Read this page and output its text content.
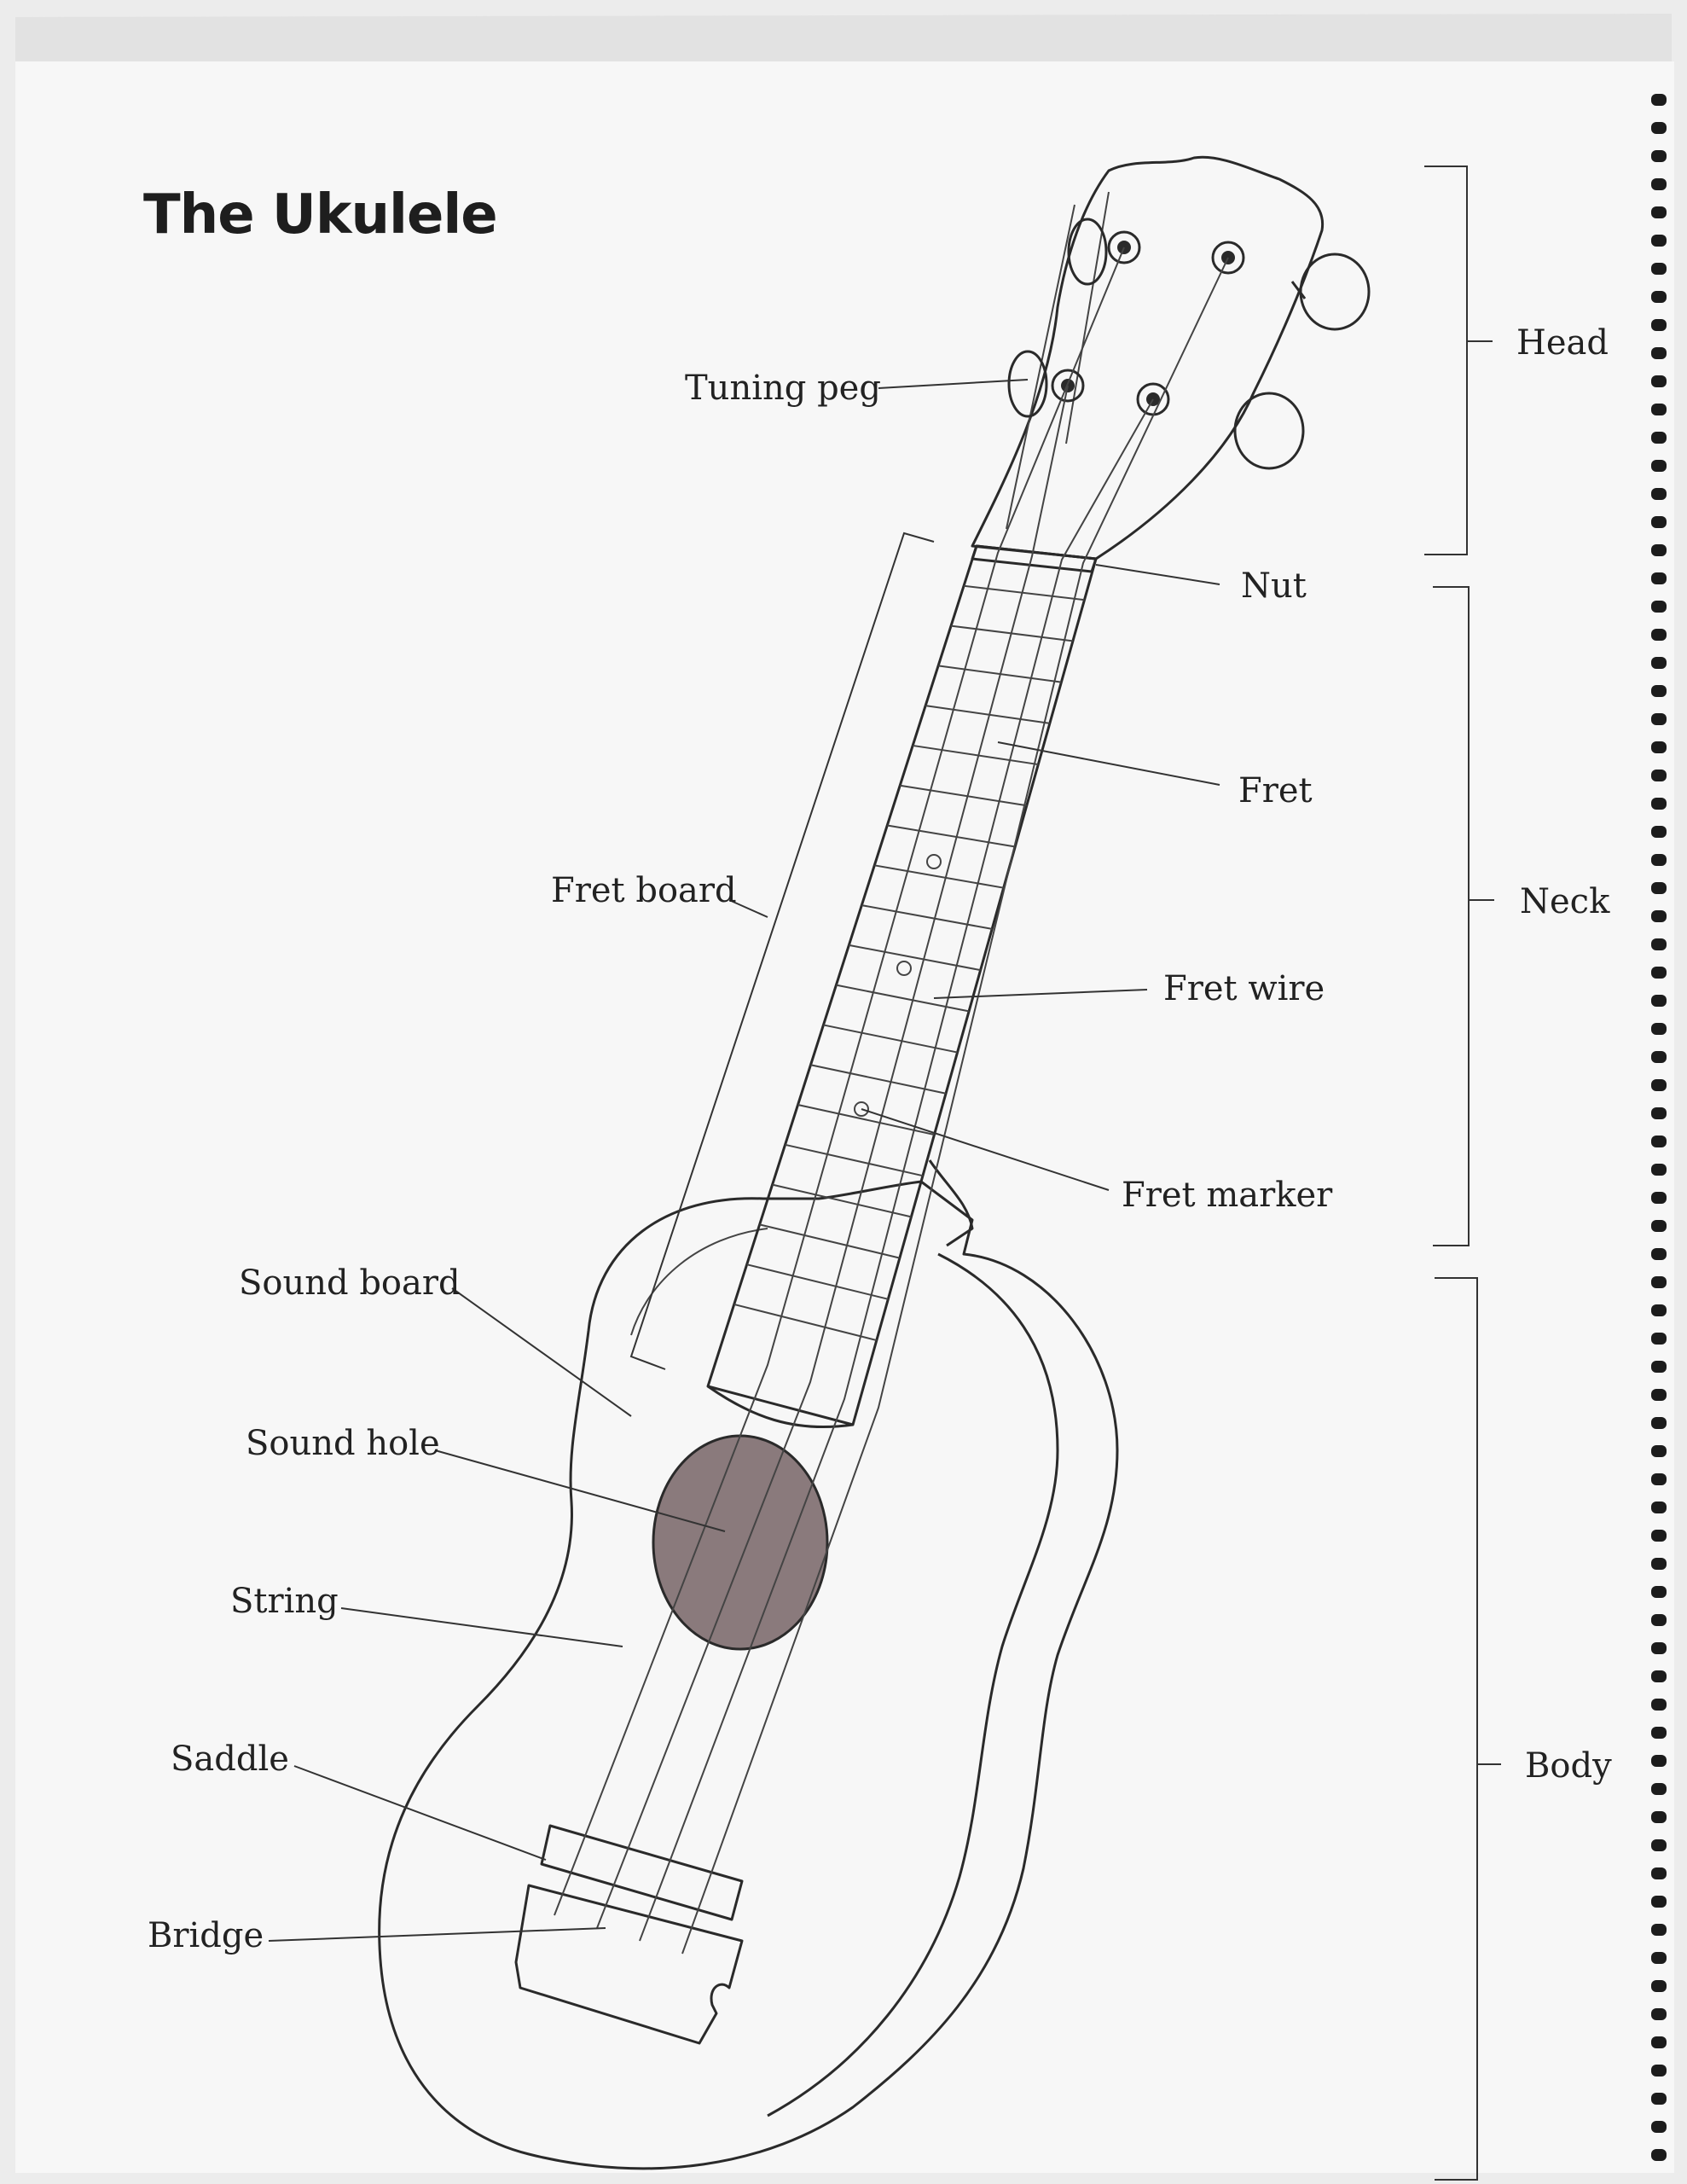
The Ukulele
Tuning peg
Nut
Fret
Fret board
Fret wire
Fret marker
Sound board
Sound hole
String
Saddle
Bridge
Head
Neck
Body
